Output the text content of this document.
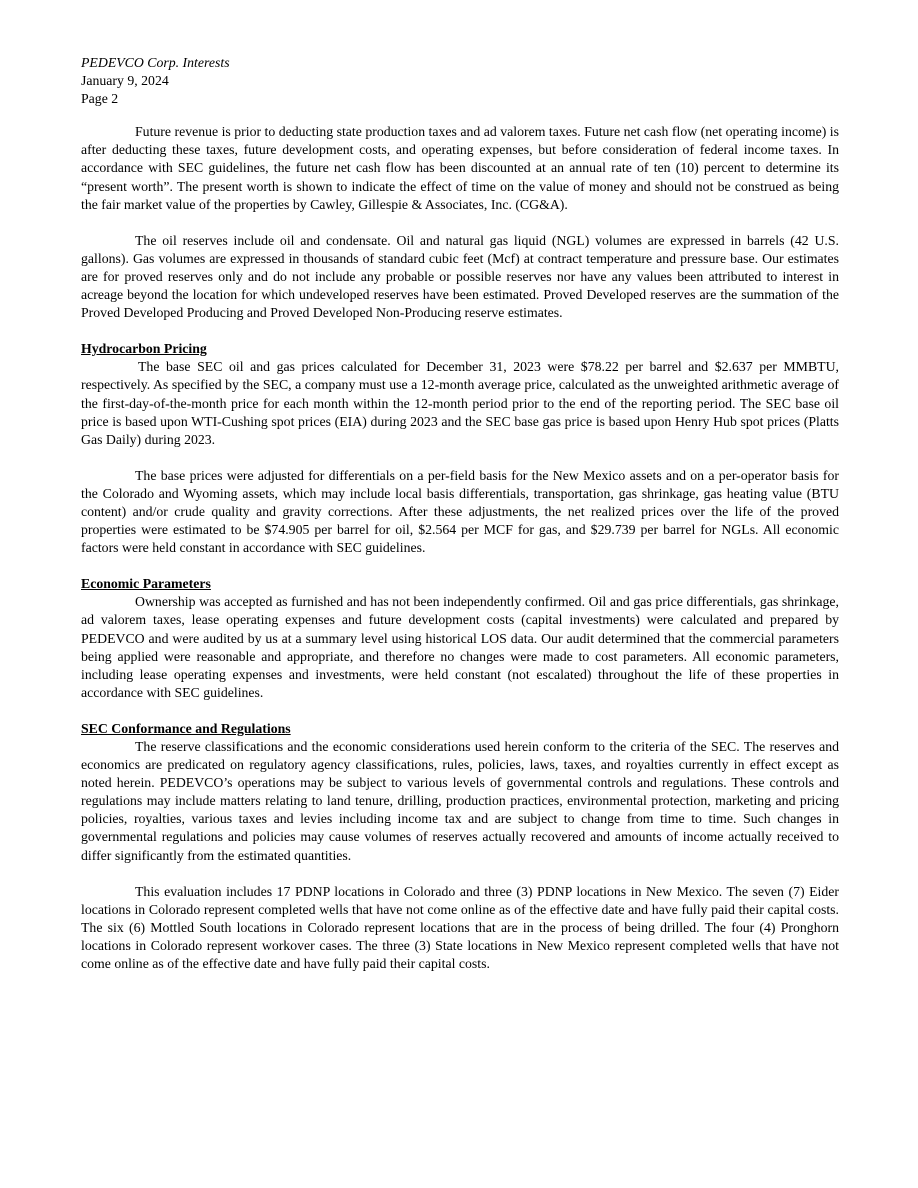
PEDEVCO Corp. Interests
January 9, 2024
Page 2

Future revenue is prior to deducting state production taxes and ad valorem taxes. Future net cash flow (net operating income) is after deducting these taxes, future development costs, and operating expenses, but before consideration of federal income taxes. In accordance with SEC guidelines, the future net cash flow has been discounted at an annual rate of ten (10) percent to determine its “present worth”. The present worth is shown to indicate the effect of time on the value of money and should not be construed as being the fair market value of the properties by Cawley, Gillespie & Associates, Inc. (CG&A).

The oil reserves include oil and condensate. Oil and natural gas liquid (NGL) volumes are expressed in barrels (42 U.S. gallons). Gas volumes are expressed in thousands of standard cubic feet (Mcf) at contract temperature and pressure base. Our estimates are for proved reserves only and do not include any probable or possible reserves nor have any values been attributed to interest in acreage beyond the location for which undeveloped reserves have been estimated. Proved Developed reserves are the summation of the Proved Developed Producing and Proved Developed Non-Producing reserve estimates.

Hydrocarbon Pricing

The base SEC oil and gas prices calculated for December 31, 2023 were $78.22 per barrel and $2.637 per MMBTU, respectively. As specified by the SEC, a company must use a 12-month average price, calculated as the unweighted arithmetic average of the first-day-of-the-month price for each month within the 12-month period prior to the end of the reporting period. The SEC base oil price is based upon WTI-Cushing spot prices (EIA) during 2023 and the SEC base gas price is based upon Henry Hub spot prices (Platts Gas Daily) during 2023.

The base prices were adjusted for differentials on a per-field basis for the New Mexico assets and on a per-operator basis for the Colorado and Wyoming assets, which may include local basis differentials, transportation, gas shrinkage, gas heating value (BTU content) and/or crude quality and gravity corrections. After these adjustments, the net realized prices over the life of the proved properties were estimated to be $74.905 per barrel for oil, $2.564 per MCF for gas, and $29.739 per barrel for NGLs. All economic factors were held constant in accordance with SEC guidelines.

Economic Parameters

Ownership was accepted as furnished and has not been independently confirmed. Oil and gas price differentials, gas shrinkage, ad valorem taxes, lease operating expenses and future development costs (capital investments) were calculated and prepared by PEDEVCO and were audited by us at a summary level using historical LOS data. Our audit determined that the commercial parameters being applied were reasonable and appropriate, and therefore no changes were made to cost parameters. All economic parameters, including lease operating expenses and investments, were held constant (not escalated) throughout the life of these properties in accordance with SEC guidelines.

SEC Conformance and Regulations

The reserve classifications and the economic considerations used herein conform to the criteria of the SEC. The reserves and economics are predicated on regulatory agency classifications, rules, policies, laws, taxes, and royalties currently in effect except as noted herein. PEDEVCO’s operations may be subject to various levels of governmental controls and regulations. These controls and regulations may include matters relating to land tenure, drilling, production practices, environmental protection, marketing and pricing policies, royalties, various taxes and levies including income tax and are subject to change from time to time. Such changes in governmental regulations and policies may cause volumes of reserves actually recovered and amounts of income actually received to differ significantly from the estimated quantities.

This evaluation includes 17 PDNP locations in Colorado and three (3) PDNP locations in New Mexico. The seven (7) Eider locations in Colorado represent completed wells that have not come online as of the effective date and have fully paid their capital costs. The six (6) Mottled South locations in Colorado represent locations that are in the process of being drilled. The four (4) Pronghorn locations in Colorado represent workover cases. The three (3) State locations in New Mexico represent completed wells that have not come online as of the effective date and have fully paid their capital costs.
